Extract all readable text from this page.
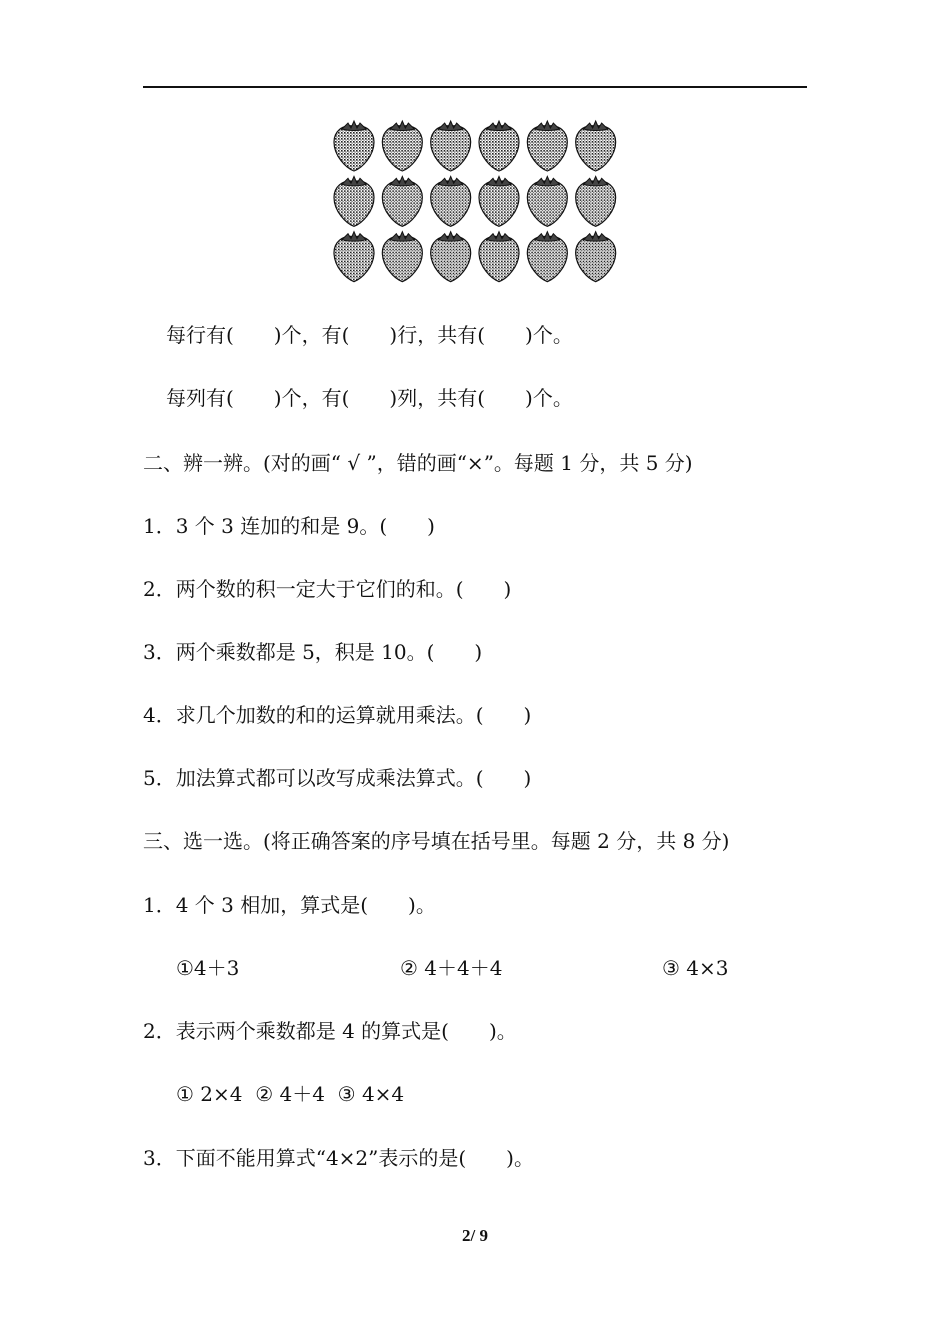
每行有(　　)个，有(　　)行，共有(　　)个。
每列有(　　)个，有(　　)列，共有(　　)个。
二、辨一辨。(对的画“ √ ”，错的画“×”。每题 1 分，共 5 分)
1．3 个 3 连加的和是 9。(　　)
2．两个数的积一定大于它们的和。(　　)
3．两个乘数都是 5，积是 10。(　　)
4．求几个加数的和的运算就用乘法。(　　)
5．加法算式都可以改写成乘法算式。(　　)
三、选一选。(将正确答案的序号填在括号里。每题 2 分，共 8 分)
1．4 个 3 相加，算式是(　　)。
①4＋3	② 4＋4＋4	③ 4×3
2．表示两个乘数都是 4 的算式是(　　)。
① 2×4  ② 4＋4  ③ 4×4
3．下面不能用算式“4×2”表示的是(　　)。
2/ 9
